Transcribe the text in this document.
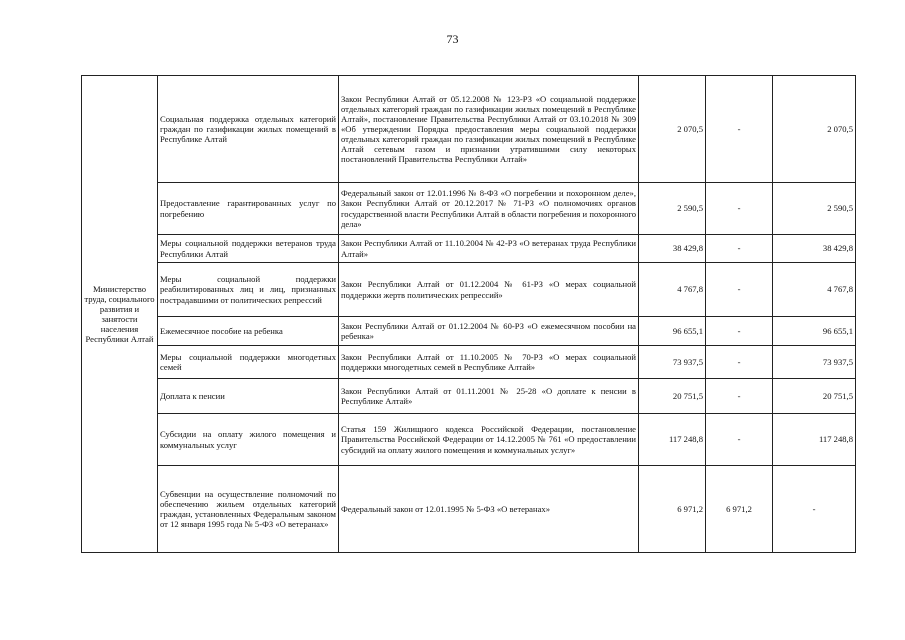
73
Министерство труда, социального развития и занятости населения Республики Алтай	Социальная поддержка отдельных категорий граждан по газификации жилых помещений в Республике Алтай	Закон Республики Алтай от 05.12.2008 № 123-РЗ «О социальной поддержке отдельных категорий граждан по газификации жилых помещений в Республике Алтай», постановление Правительства Республики Алтай от 03.10.2018 № 309 «Об утверждении Порядка предоставления меры социальной поддержки отдельных категорий граждан по газификации жилых помещений в Республике Алтай сетевым газом и признании утратившими силу некоторых постановлений Правительства Республики Алтай»	2 070,5	-	2 070,5
	Предоставление гарантированных услуг по погребению	Федеральный закон от 12.01.1996 № 8-ФЗ «О погребении и похоронном деле», Закон Республики Алтай от 20.12.2017 № 71-РЗ «О полномочиях органов государственной власти Республики Алтай в области погребения и похоронного дела»	2 590,5	-	2 590,5
	Меры социальной поддержки ветеранов труда Республики Алтай	Закон Республики Алтай от 11.10.2004 № 42-РЗ «О ветеранах труда Республики Алтай»	38 429,8	-	38 429,8
	Меры социальной поддержки реабилитированных лиц и лиц, признанных пострадавшими от политических репрессий	Закон Республики Алтай от 01.12.2004 № 61-РЗ «О мерах социальной поддержки жертв политических репрессий»	4 767,8	-	4 767,8
	Ежемесячное пособие на ребенка	Закон Республики Алтай от 01.12.2004 № 60-РЗ «О ежемесячном пособии на ребенка»	96 655,1	-	96 655,1
	Меры социальной поддержки многодетных семей	Закон Республики Алтай от 11.10.2005 № 70-РЗ «О мерах социальной поддержки многодетных семей в Республике Алтай»	73 937,5	-	73 937,5
	Доплата к пенсии	Закон Республики Алтай от 01.11.2001 № 25-28 «О доплате к пенсии в Республике Алтай»	20 751,5	-	20 751,5
	Субсидии на оплату жилого помещения и коммунальных услуг	Статья 159 Жилищного кодекса Российской Федерации, постановление Правительства Российской Федерации от 14.12.2005 № 761 «О предоставлении субсидий на оплату жилого помещения и коммунальных услуг»	117 248,8	-	117 248,8
	Субвенции на осуществление полномочий по обеспечению жильем отдельных категорий граждан, установленных Федеральным законом от 12 января 1995 года № 5-ФЗ «О ветеранах»	Федеральный закон от 12.01.1995 № 5-ФЗ «О ветеранах»	6 971,2	6 971,2	-
